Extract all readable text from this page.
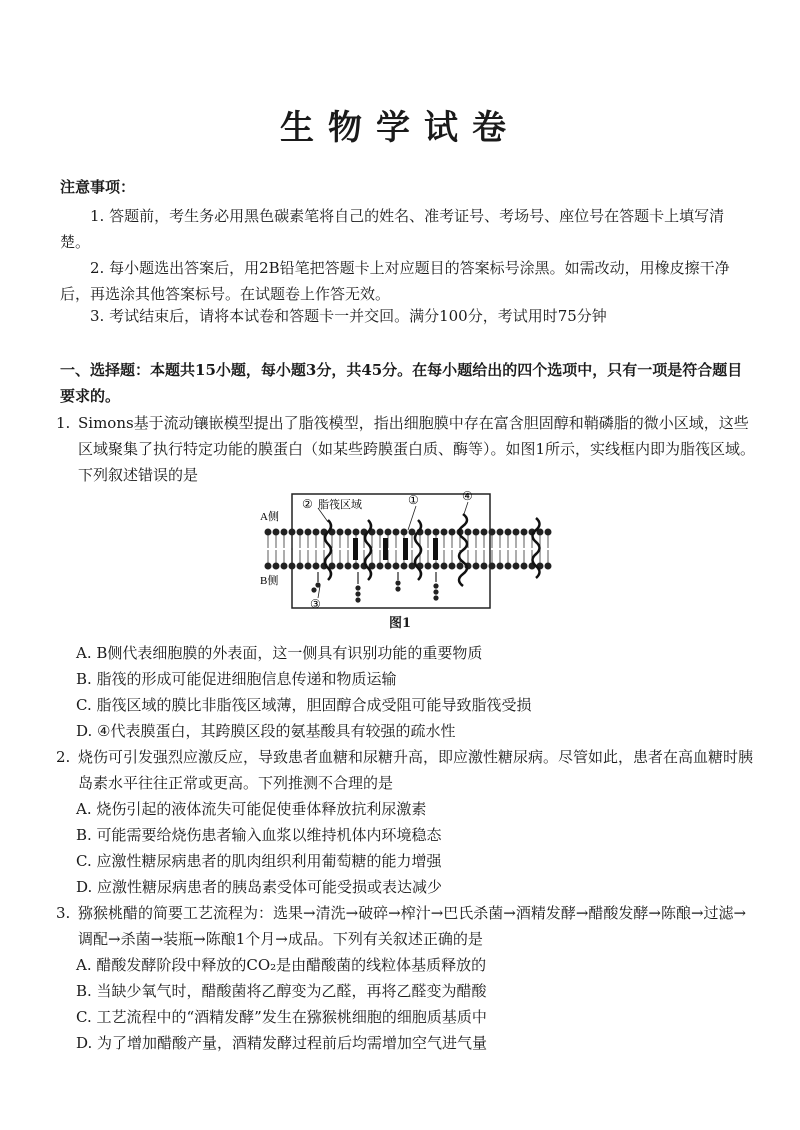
生物学试卷
注意事项：
1. 答题前，考生务必用黑色碳素笔将自己的姓名、准考证号、考场号、座位号在答题卡上填写清楚。
2. 每小题选出答案后，用2B铅笔把答题卡上对应题目的答案标号涂黑。如需改动，用橡皮擦干净后，再选涂其他答案标号。在试题卷上作答无效。
3. 考试结束后，请将本试卷和答题卡一并交回。满分100分，考试用时75分钟
一、选择题：本题共15小题，每小题3分，共45分。在每小题给出的四个选项中，只有一项是符合题目要求的。
1. Simons基于流动镶嵌模型提出了脂筏模型，指出细胞膜中存在富含胆固醇和鞘磷脂的微小区域，这些区域聚集了执行特定功能的膜蛋白（如某些跨膜蛋白质、酶等）。如图1所示，实线框内即为脂筏区域。下列叙述错误的是
A侧
B侧
② 脂筏区域	①	④
③
图1
A. B侧代表细胞膜的外表面，这一侧具有识别功能的重要物质
B. 脂筏的形成可能促进细胞信息传递和物质运输
C. 脂筏区域的膜比非脂筏区域薄，胆固醇合成受阻可能导致脂筏受损
D. ④代表膜蛋白，其跨膜区段的氨基酸具有较强的疏水性
2. 烧伤可引发强烈应激反应，导致患者血糖和尿糖升高，即应激性糖尿病。尽管如此，患者在高血糖时胰岛素水平往往正常或更高。下列推测不合理的是
A. 烧伤引起的液体流失可能促使垂体释放抗利尿激素
B. 可能需要给烧伤患者输入血浆以维持机体内环境稳态
C. 应激性糖尿病患者的肌肉组织利用葡萄糖的能力增强
D. 应激性糖尿病患者的胰岛素受体可能受损或表达减少
3. 猕猴桃醋的简要工艺流程为：选果→清洗→破碎→榨汁→巴氏杀菌→酒精发酵→醋酸发酵→陈酿→过滤→调配→杀菌→装瓶→陈酿1个月→成品。下列有关叙述正确的是
A. 醋酸发酵阶段中释放的CO₂是由醋酸菌的线粒体基质释放的
B. 当缺少氧气时，醋酸菌将乙醇变为乙醛，再将乙醛变为醋酸
C. 工艺流程中的“酒精发酵”发生在猕猴桃细胞的细胞质基质中
D. 为了增加醋酸产量，酒精发酵过程前后均需增加空气进气量
